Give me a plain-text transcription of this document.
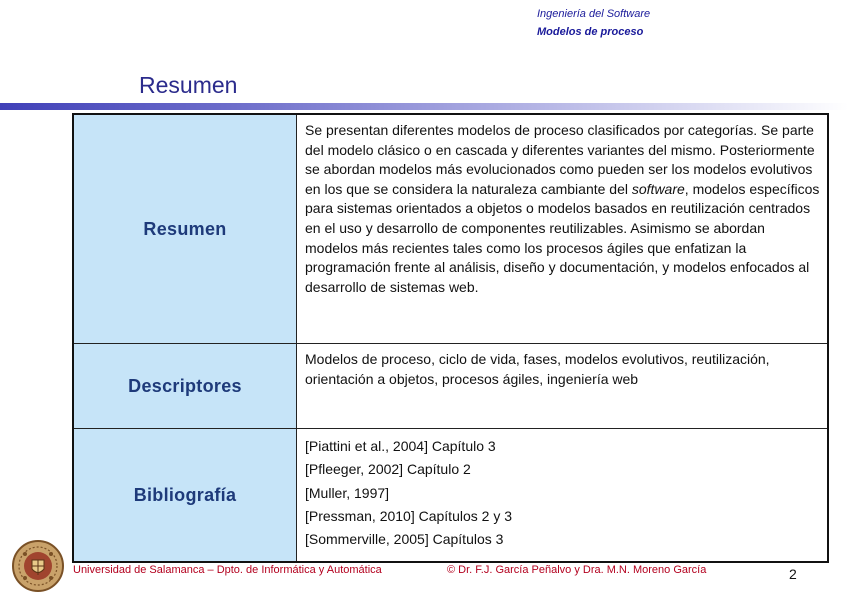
Ingeniería del Software
Modelos de proceso
Resumen
Resumen	Se presentan diferentes modelos de proceso clasificados por categorías. Se parte del modelo clásico o en cascada y diferentes variantes del mismo. Posteriormente se abordan modelos más evolucionados como pueden ser los modelos evolutivos en los que se considera la naturaleza cambiante del software, modelos específicos para sistemas orientados a objetos o modelos basados en reutilización centrados en el uso y desarrollo de componentes reutilizables. Asimismo se abordan modelos más recientes tales como los procesos ágiles que enfatizan la programación frente al análisis, diseño y documentación, y modelos enfocados al desarrollo de sistemas web.

Descriptores	Modelos de proceso, ciclo de vida, fases, modelos evolutivos, reutilización, orientación a objetos, procesos ágiles, ingeniería web

Bibliografía	[Piattini et al., 2004] Capítulo 3
[Pfleeger, 2002] Capítulo 2
[Muller, 1997]
[Pressman, 2010] Capítulos 2 y 3
[Sommerville, 2005] Capítulos 3
Universidad de Salamanca – Dpto. de Informática y Automática	© Dr. F.J. García Peñalvo y Dra. M.N. Moreno García	2
